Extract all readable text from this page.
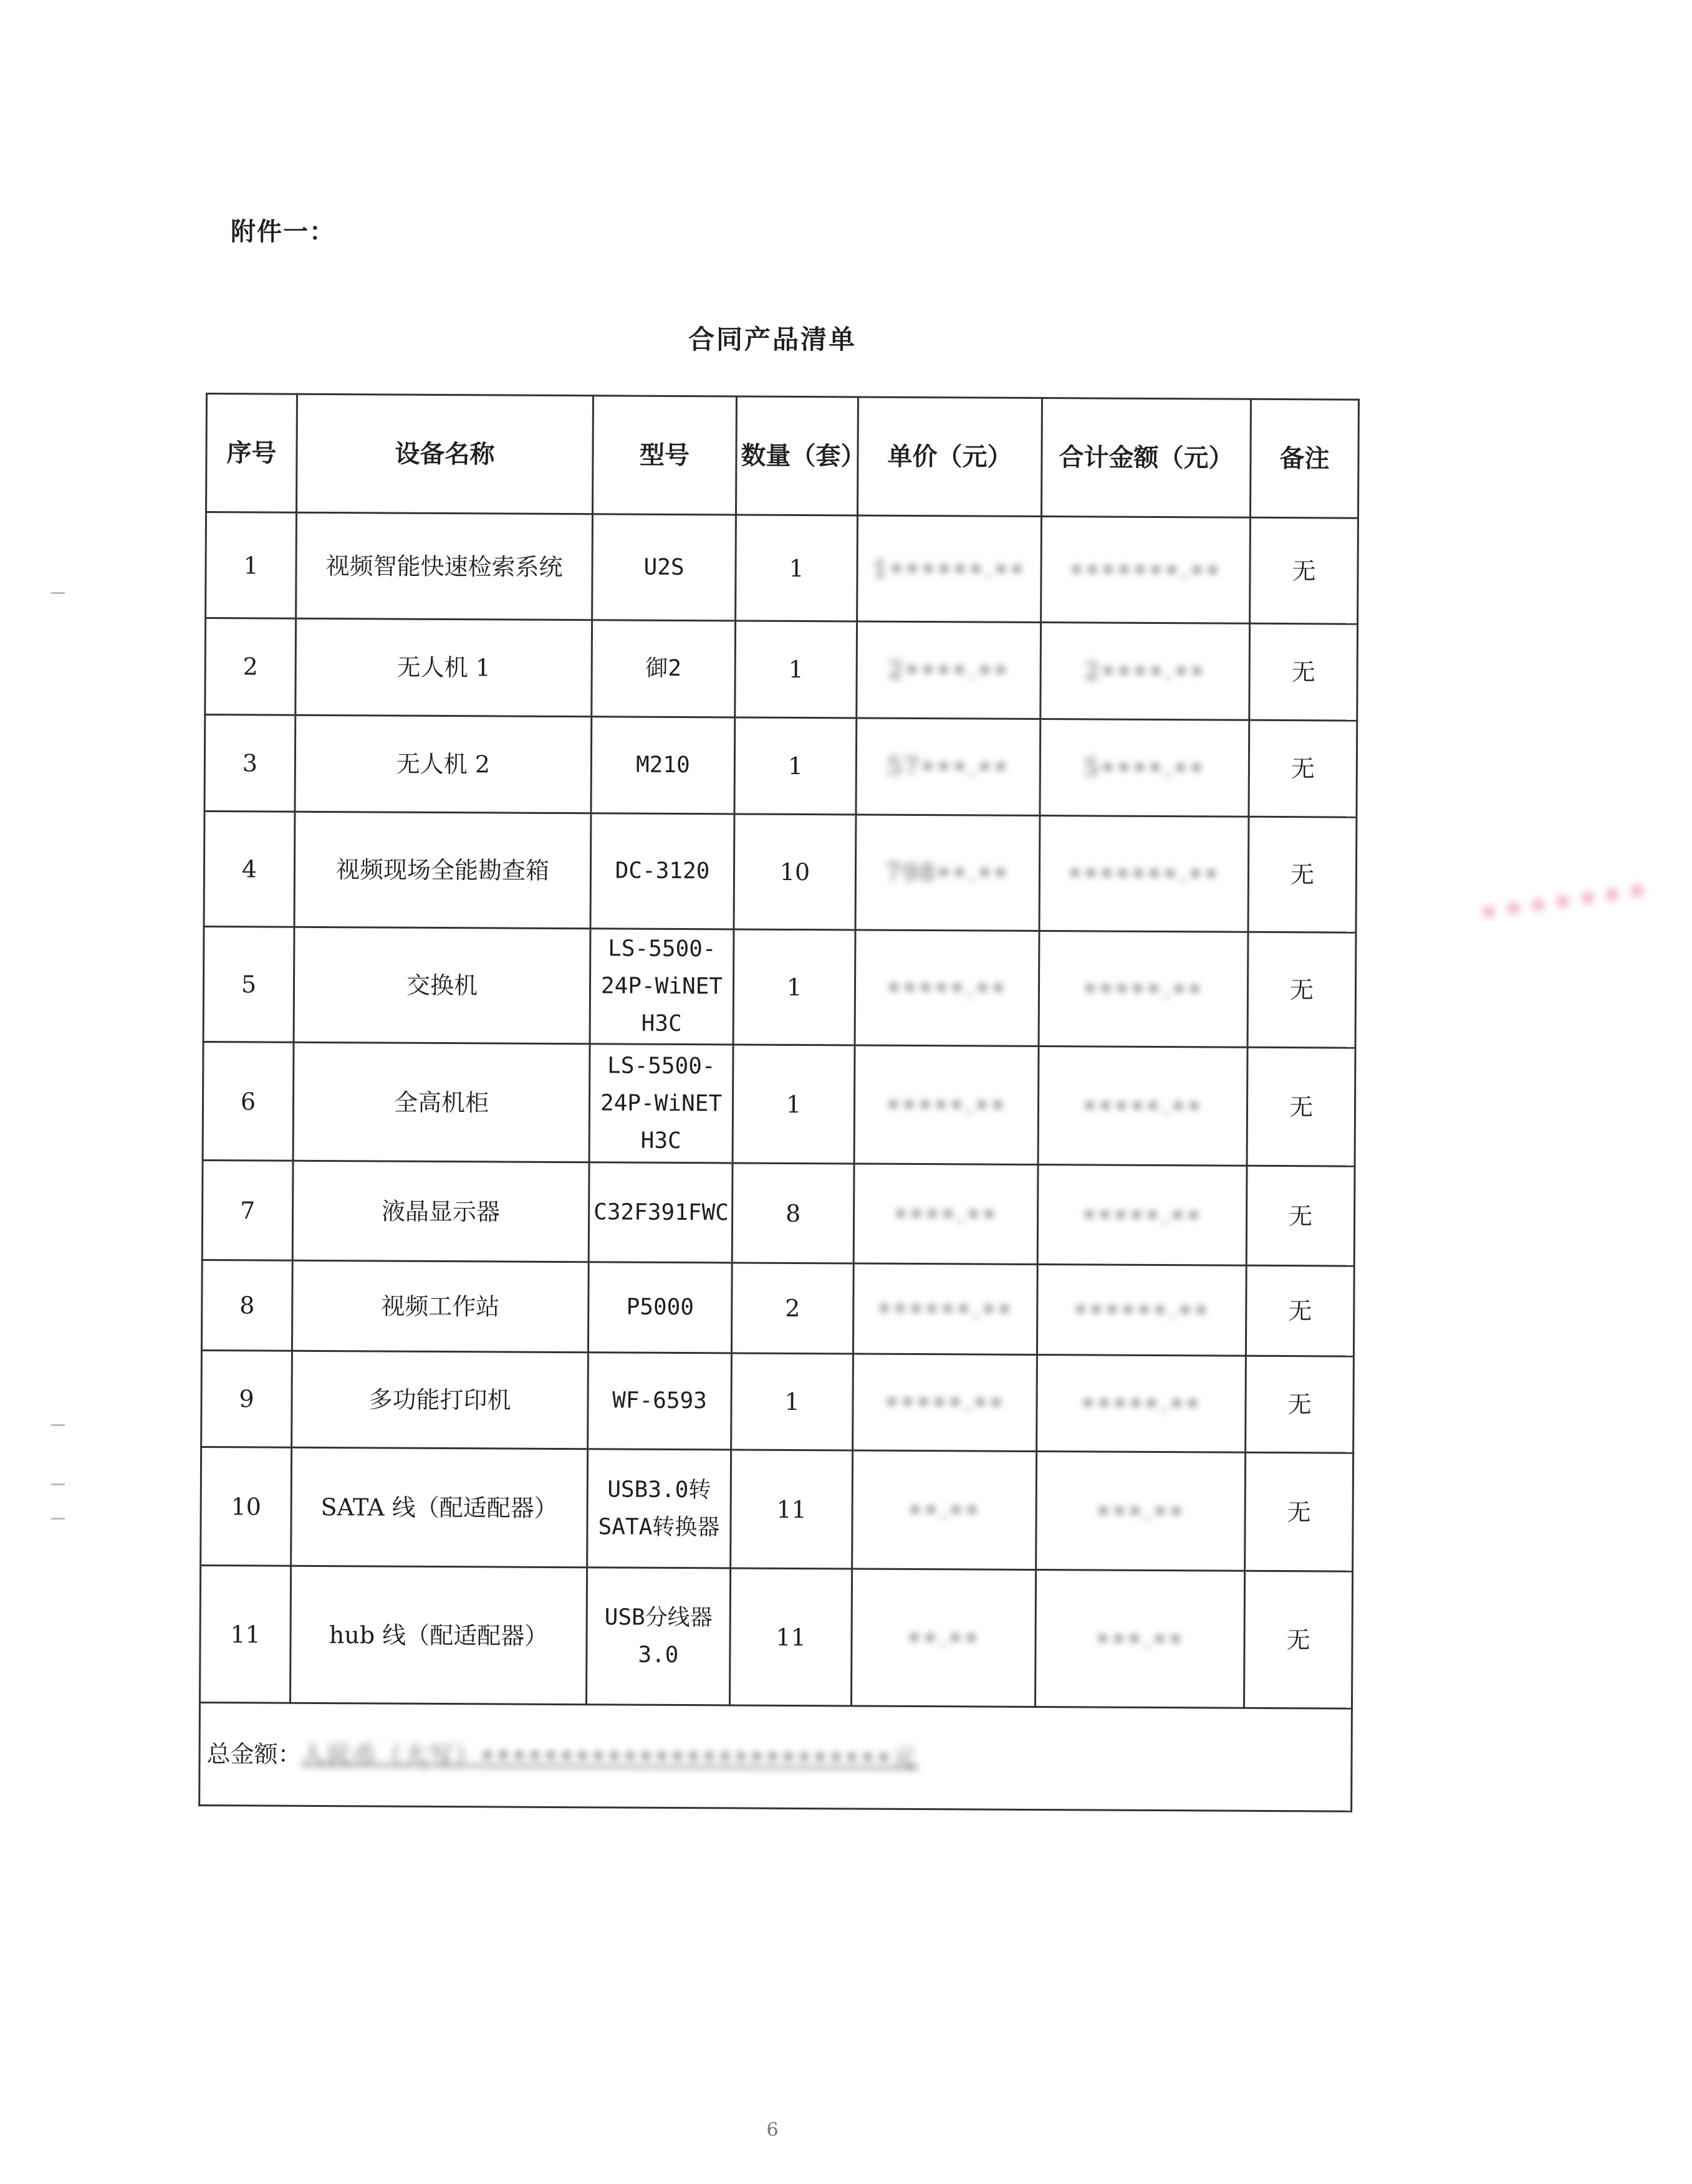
附件一：
合同产品清单
序号	设备名称	型号	数量（套）	单价（元）	合计金额（元）	备注
1	视频智能快速检索系统	U2S	1	1••••••.••	•••••••.••	无
2	无人机 1	御2	1	2••••.••	2••••.••	无
3	无人机 2	M210	1	57•••.••	5••••.••	无
4	视频现场全能勘查箱	DC-3120	10	798••.••	•••••••.••	无
5	交换机	LS-5500-24P-WiNET H3C	1	•••••.••	•••••.••	无
6	全高机柜	LS-5500-24P-WiNET H3C	1	•••••.••	•••••.••	无
7	液晶显示器	C32F391FWC	8	••••.••	•••••.••	无
8	视频工作站	P5000	2	••••••.••	••••••.••	无
9	多功能打印机	WF-6593	1	•••••.••	•••••.••	无
10	SATA 线（配适配器）	USB3.0转SATA转换器	11	••.••	•••.••	无
11	hub 线（配适配器）	USB分线器3.0	11	••.••	•••.••	无
总金额：人民币（大写）••••••••••••••••••••••••••元						
•••••••
6
